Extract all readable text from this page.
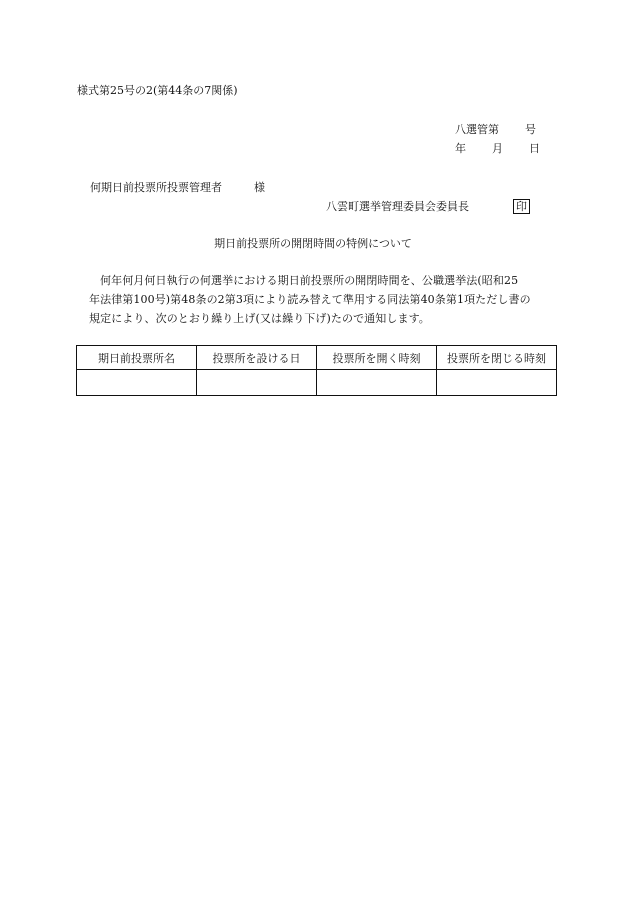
様式第25号の2(第44条の7関係)
八選管第 号
年 月 日
何期日前投票所投票管理者	様
八雲町選挙管理委員会委員長	印
期日前投票所の開閉時間の特例について
何年何月何日執行の何選挙における期日前投票所の開閉時間を、公職選挙法(昭和25
年法律第100号)第48条の2第3項により読み替えて準用する同法第40条第1項ただし書の
規定により、次のとおり繰り上げ(又は繰り下げ)たので通知します。
期日前投票所名	投票所を設ける日	投票所を開く時刻	投票所を閉じる時刻
